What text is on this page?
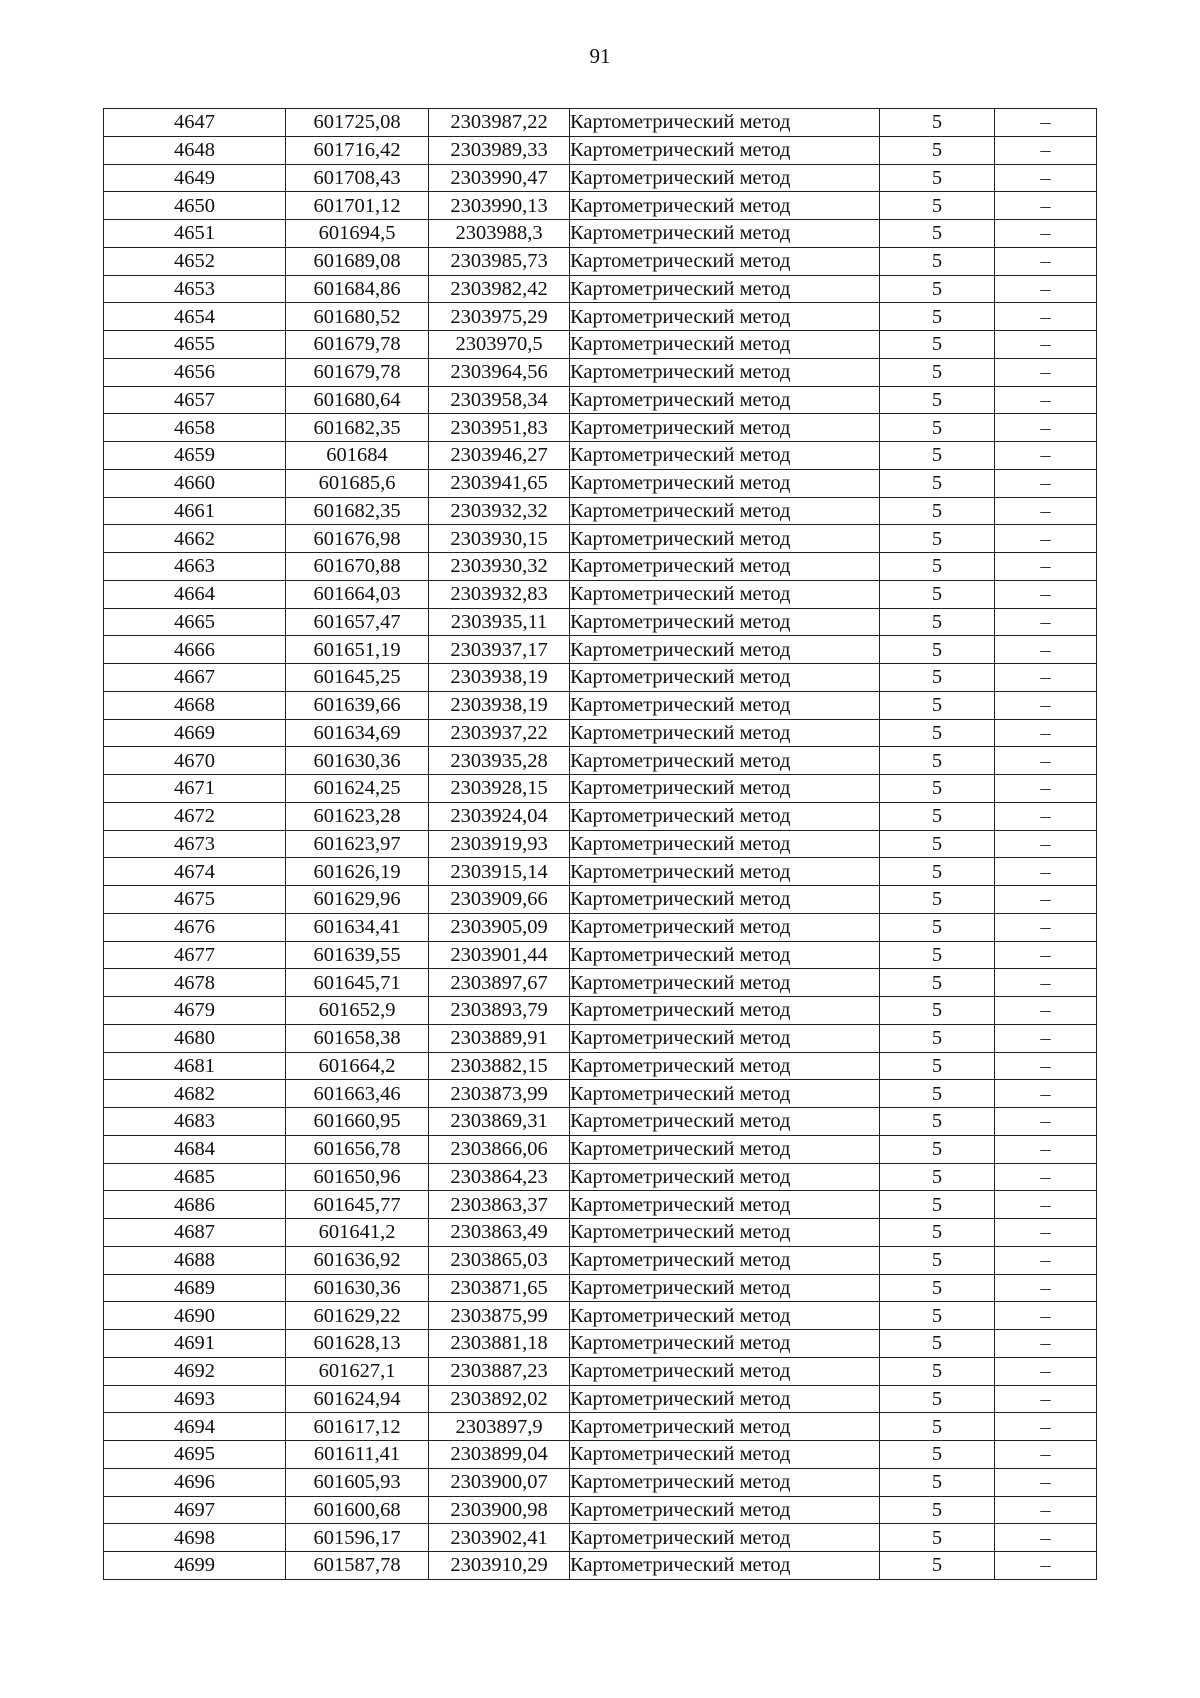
91
4647	601725,08	2303987,22	Картометрический метод	5	–
4648	601716,42	2303989,33	Картометрический метод	5	–
4649	601708,43	2303990,47	Картометрический метод	5	–
4650	601701,12	2303990,13	Картометрический метод	5	–
4651	601694,5	2303988,3	Картометрический метод	5	–
4652	601689,08	2303985,73	Картометрический метод	5	–
4653	601684,86	2303982,42	Картометрический метод	5	–
4654	601680,52	2303975,29	Картометрический метод	5	–
4655	601679,78	2303970,5	Картометрический метод	5	–
4656	601679,78	2303964,56	Картометрический метод	5	–
4657	601680,64	2303958,34	Картометрический метод	5	–
4658	601682,35	2303951,83	Картометрический метод	5	–
4659	601684	2303946,27	Картометрический метод	5	–
4660	601685,6	2303941,65	Картометрический метод	5	–
4661	601682,35	2303932,32	Картометрический метод	5	–
4662	601676,98	2303930,15	Картометрический метод	5	–
4663	601670,88	2303930,32	Картометрический метод	5	–
4664	601664,03	2303932,83	Картометрический метод	5	–
4665	601657,47	2303935,11	Картометрический метод	5	–
4666	601651,19	2303937,17	Картометрический метод	5	–
4667	601645,25	2303938,19	Картометрический метод	5	–
4668	601639,66	2303938,19	Картометрический метод	5	–
4669	601634,69	2303937,22	Картометрический метод	5	–
4670	601630,36	2303935,28	Картометрический метод	5	–
4671	601624,25	2303928,15	Картометрический метод	5	–
4672	601623,28	2303924,04	Картометрический метод	5	–
4673	601623,97	2303919,93	Картометрический метод	5	–
4674	601626,19	2303915,14	Картометрический метод	5	–
4675	601629,96	2303909,66	Картометрический метод	5	–
4676	601634,41	2303905,09	Картометрический метод	5	–
4677	601639,55	2303901,44	Картометрический метод	5	–
4678	601645,71	2303897,67	Картометрический метод	5	–
4679	601652,9	2303893,79	Картометрический метод	5	–
4680	601658,38	2303889,91	Картометрический метод	5	–
4681	601664,2	2303882,15	Картометрический метод	5	–
4682	601663,46	2303873,99	Картометрический метод	5	–
4683	601660,95	2303869,31	Картометрический метод	5	–
4684	601656,78	2303866,06	Картометрический метод	5	–
4685	601650,96	2303864,23	Картометрический метод	5	–
4686	601645,77	2303863,37	Картометрический метод	5	–
4687	601641,2	2303863,49	Картометрический метод	5	–
4688	601636,92	2303865,03	Картометрический метод	5	–
4689	601630,36	2303871,65	Картометрический метод	5	–
4690	601629,22	2303875,99	Картометрический метод	5	–
4691	601628,13	2303881,18	Картометрический метод	5	–
4692	601627,1	2303887,23	Картометрический метод	5	–
4693	601624,94	2303892,02	Картометрический метод	5	–
4694	601617,12	2303897,9	Картометрический метод	5	–
4695	601611,41	2303899,04	Картометрический метод	5	–
4696	601605,93	2303900,07	Картометрический метод	5	–
4697	601600,68	2303900,98	Картометрический метод	5	–
4698	601596,17	2303902,41	Картометрический метод	5	–
4699	601587,78	2303910,29	Картометрический метод	5	–
